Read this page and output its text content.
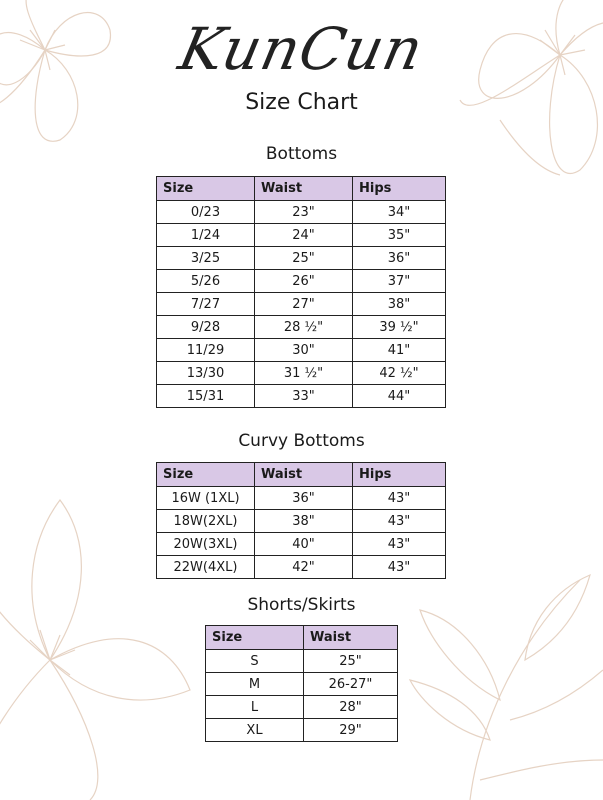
KunCun
Size Chart
Bottoms
Size	Waist	Hips
0/23	23"	34"
1/24	24"	35"
3/25	25"	36"
5/26	26"	37"
7/27	27"	38"
9/28	28 ½"	39 ½"
11/29	30"	41"
13/30	31 ½"	42 ½"
15/31	33"	44"
Curvy Bottoms
Size	Waist	Hips
16W (1XL)	36"	43"
18W(2XL)	38"	43"
20W(3XL)	40"	43"
22W(4XL)	42"	43"
Shorts/Skirts
Size	Waist
S	25"
M	26-27"
L	28"
XL	29"
